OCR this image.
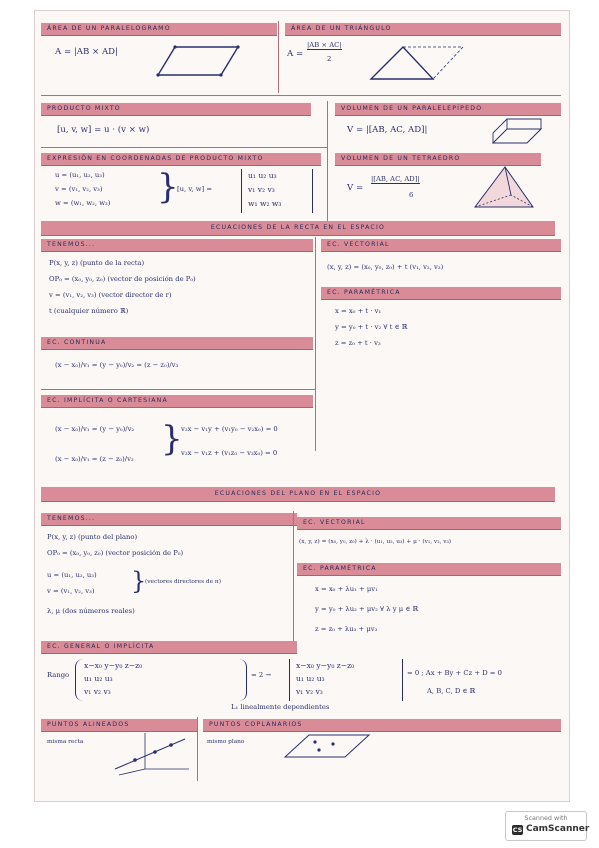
ÁREA DE UN PARALELOGRAMO	ÁREA DE UN TRIÁNGULO
A = |AB × AD|	A =
|AB × AC|
2
PRODUCTO MIXTO	VOLUMEN DE UN PARALELEPÍPEDO
[u, v, w] = u · (v × w)	V = |[AB, AC, AD]|
EXPRESIÓN EN COORDENADAS DE PRODUCTO MIXTO	VOLUMEN DE UN TETRAEDRO
u = (u₁, u₂, u₃)
v = (v₁, v₂, v₃)
w = (w₁, w₂, w₃) }
[u, v, w] =
u₁ u₂ u₃
v₁ v₂ v₃
w₁ w₂ w₃
V =
|[AB, AC, AD]|
6
ECUACIONES DE LA RECTA EN EL ESPACIO
TENEMOS...	EC. VECTORIAL
P(x, y, z) (punto de la recta)
OP₀ = (x₀, y₀, z₀) (vector de posición de P₀)
v = (v₁, v₂, v₃) (vector director de r)
t (cualquier número ℝ)
(x, y, z) = (x₀, y₀, z₀) + t (v₁, v₂, v₃)
EC. PARAMÉTRICA
x = x₀ + t · v₁
y = y₀ + t · v₂ ∀ t ∈ ℝ
z = z₀ + t · v₃
EC. CONTINUA
(x − x₀)/v₁ = (y − y₀)/v₂ = (z − z₀)/v₃
EC. IMPLÍCITA O CARTESIANA
(x − x₀)/v₁ = (y − y₀)/v₂
(x − x₀)/v₁ = (z − z₀)/v₃ }
v₂x − v₁y + (v₁y₀ − v₂x₀) = 0
v₃x − v₁z + (v₁z₀ − v₃x₀) = 0
ECUACIONES DEL PLANO EN EL ESPACIO
TENEMOS...
EC. VECTORIAL
P(x, y, z) (punto del plano)
OP₀ = (x₀, y₀, z₀) (vector posición de P₀)
u = (u₁, u₂, u₃)
v = (v₁, v₂, v₃) }
(vectores directores de π)
λ, μ (dos números reales)
(x, y, z) = (x₀, y₀, z₀) + λ · (u₁, u₂, u₃) + μ · (v₁, v₂, v₃)
EC. PARAMÉTRICA
x = x₀ + λu₁ + μv₁
y = y₀ + λu₂ + μv₂ ∀ λ y μ ∈ ℝ
z = z₀ + λu₃ + μv₃
EC. GENERAL O IMPLÍCITA
Rango
x−x₀ y−y₀ z−z₀
u₁ u₂ u₃
v₁ v₂ v₃
= 2 →
x−x₀ y−y₀ z−z₀
u₁ u₂ u₃
v₁ v₂ v₃
= 0 ; Ax + By + Cz + D = 0
A, B, C, D ∈ ℝ
L₁ linealmente dependientes
PUNTOS ALINEADOS	PUNTOS COPLANARIOS
misma recta	mismo plano
Scanned with
CS CamScanner
